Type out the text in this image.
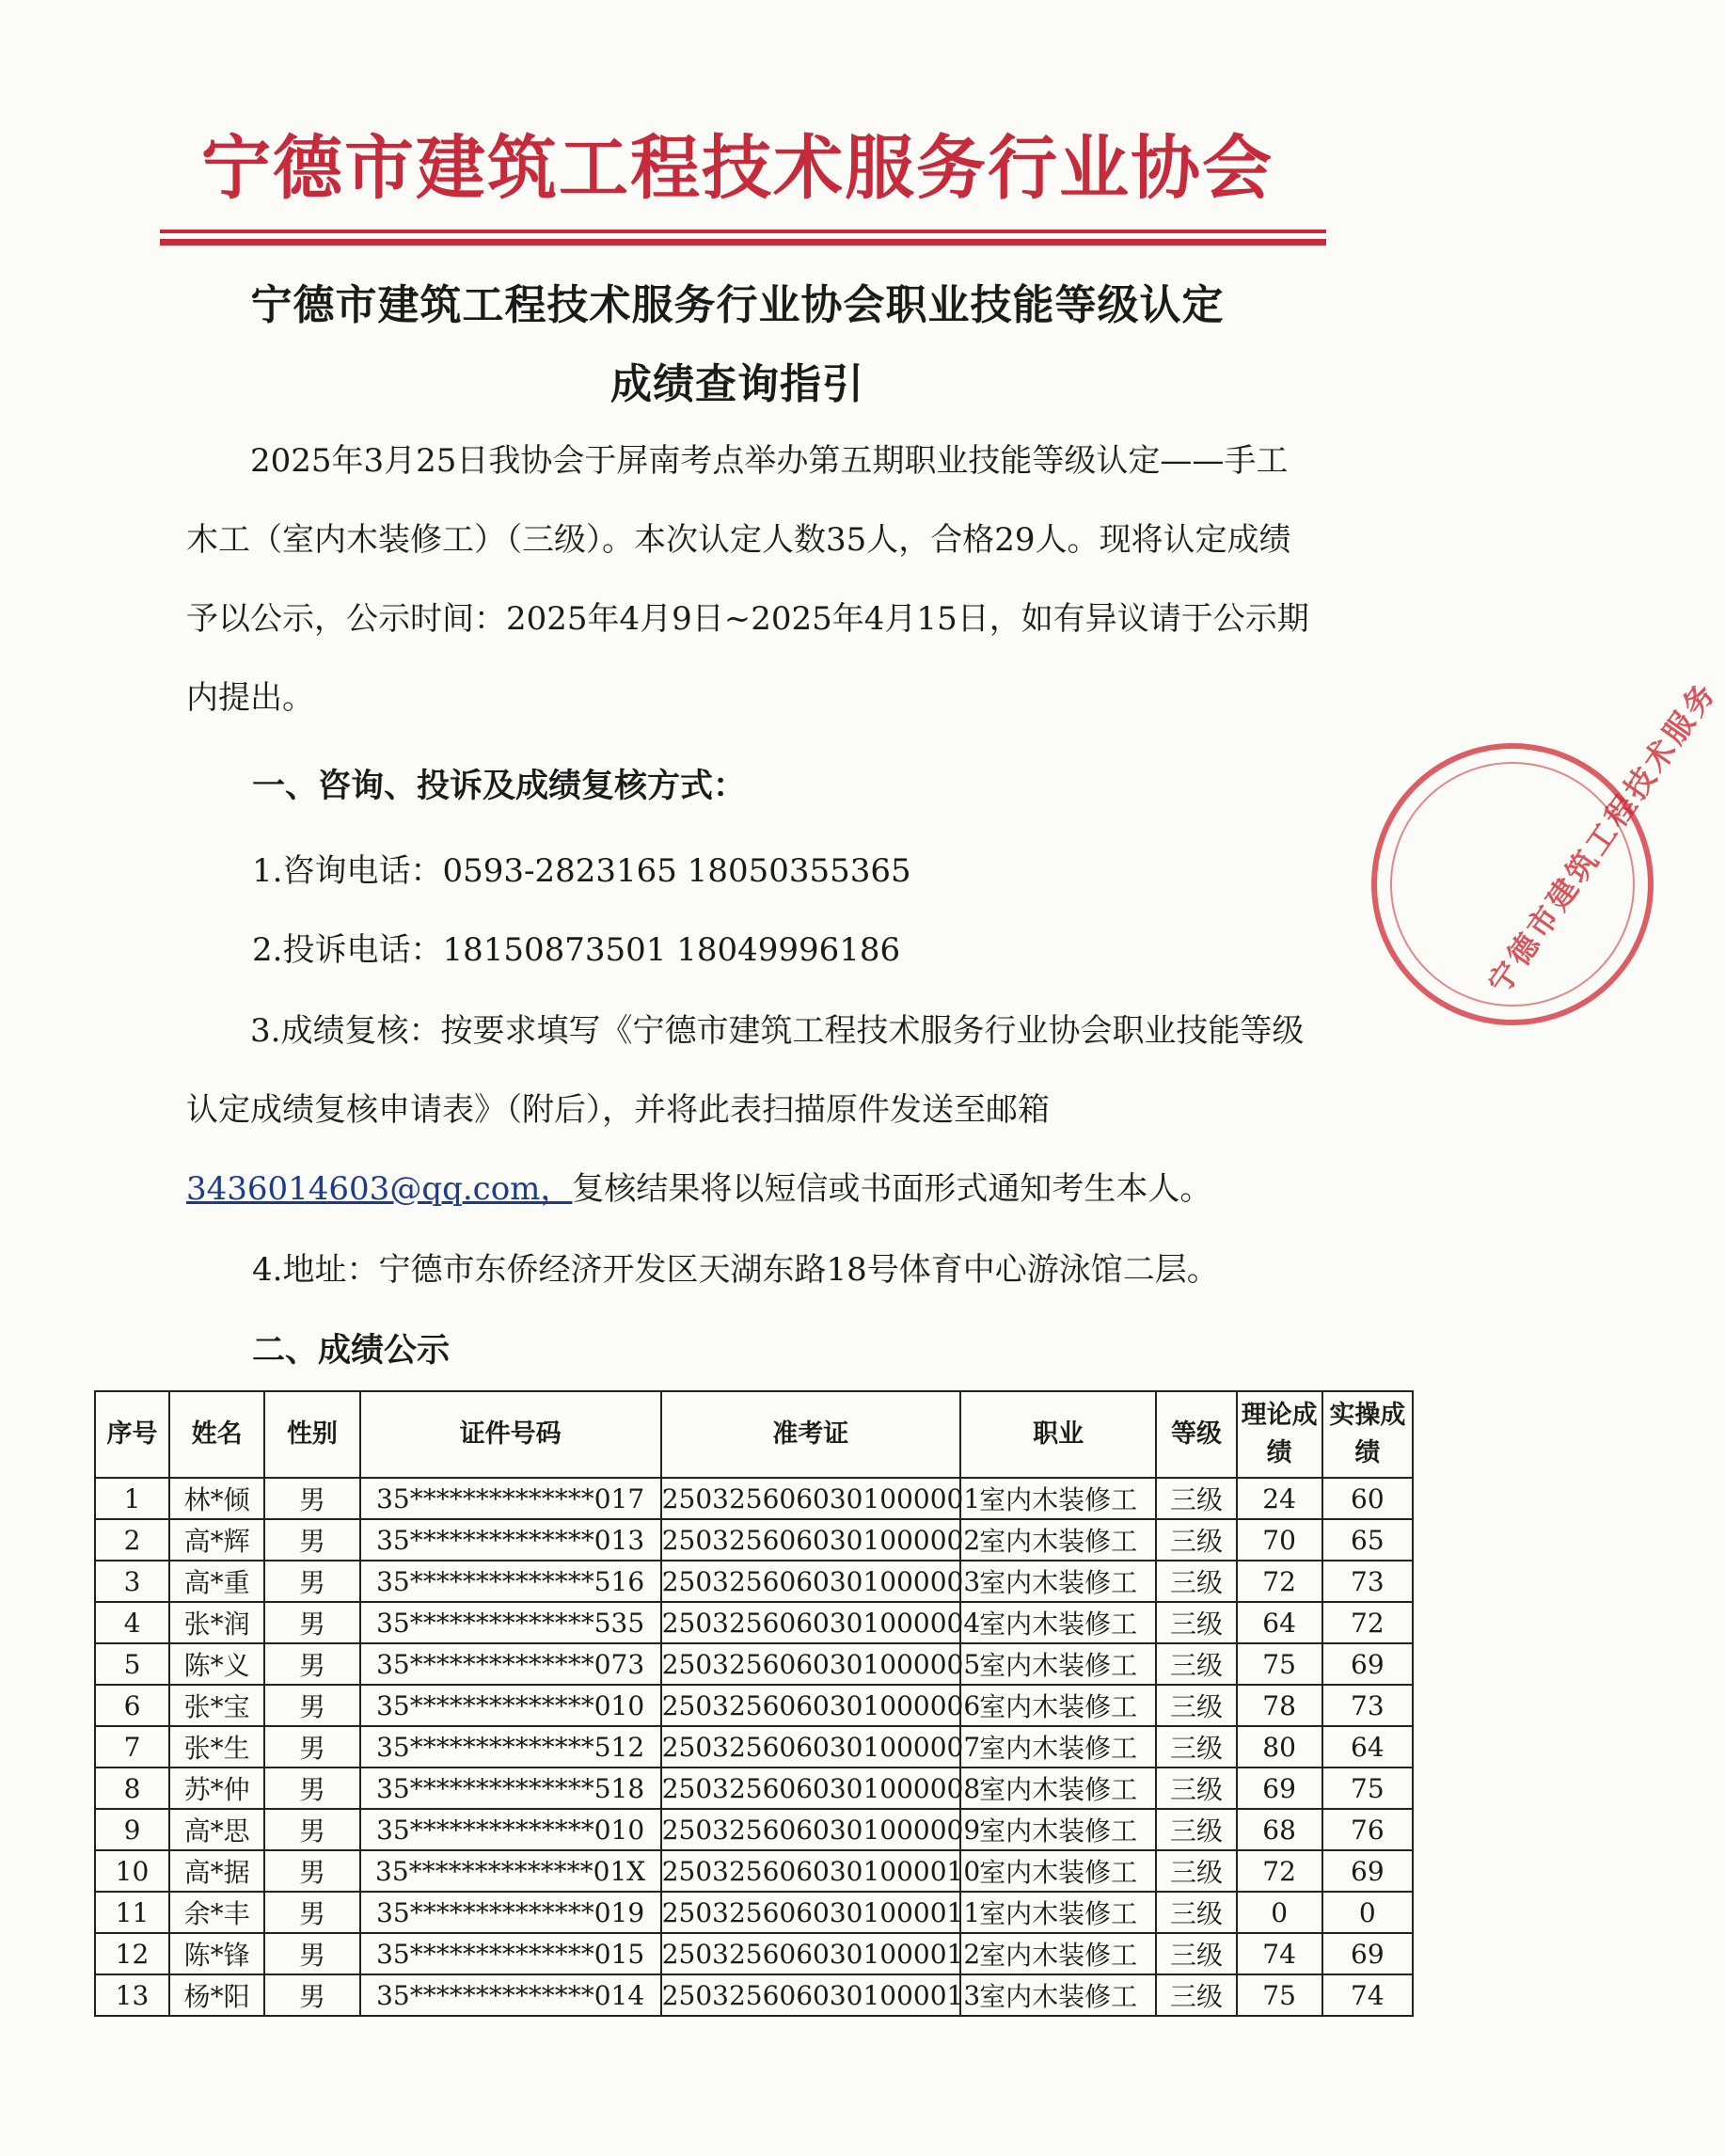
宁德市建筑工程技术服务行业协会
宁德市建筑工程技术服务行业协会职业技能等级认定
成绩查询指引

2025年3月25日我协会于屏南考点举办第五期职业技能等级认定——手工木工（室内木装修工）（三级）。本次认定人数35人，合格29人。现将认定成绩予以公示，公示时间：2025年4月9日~2025年4月15日，如有异议请于公示期内提出。

一、咨询、投诉及成绩复核方式：
1.咨询电话：0593-2823165 18050355365
2.投诉电话：18150873501 18049996186

3.成绩复核：按要求填写《宁德市建筑工程技术服务行业协会职业技能等级认定成绩复核申请表》（附后），并将此表扫描原件发送至邮箱3436014603@qq.com，复核结果将以短信或书面形式通知考生本人。

4.地址：宁德市东侨经济开发区天湖东路18号体育中心游泳馆二层。
二、成绩公示
序号	姓名	性别	证件号码	准考证	职业	等级	理论成绩	实操成绩
1	林*倾	男	35**************017	250325606030100000​1	室内木装修工	三级	24	60
2	高*辉	男	35**************013	2503256060301000002	室内木装修工	三级	70	65
3	高*重	男	35**************516	2503256060301000003	室内木装修工	三级	72	73
4	张*润	男	35**************535	2503256060301000004	室内木装修工	三级	64	72
5	陈*义	男	35**************073	2503256060301000005	室内木装修工	三级	75	69
6	张*宝	男	35**************010	2503256060301000006	室内木装修工	三级	78	73
7	张*生	男	35**************512	2503256060301000007	室内木装修工	三级	80	64
8	苏*仲	男	35**************518	2503256060301000008	室内木装修工	三级	69	75
9	高*思	男	35**************010	2503256060301000009	室内木装修工	三级	68	76
10	高*据	男	35**************01X	2503256060301000010	室内木装修工	三级	72	69
11	余*丰	男	35**************019	2503256060301000011	室内木装修工	三级	0	0
12	陈*锋	男	35**************015	2503256060301000012	室内木装修工	三级	74	69
13	杨*阳	男	35**************014	2503256060301000013	室内木装修工	三级	75	74
宁德市建筑工程技术服务
